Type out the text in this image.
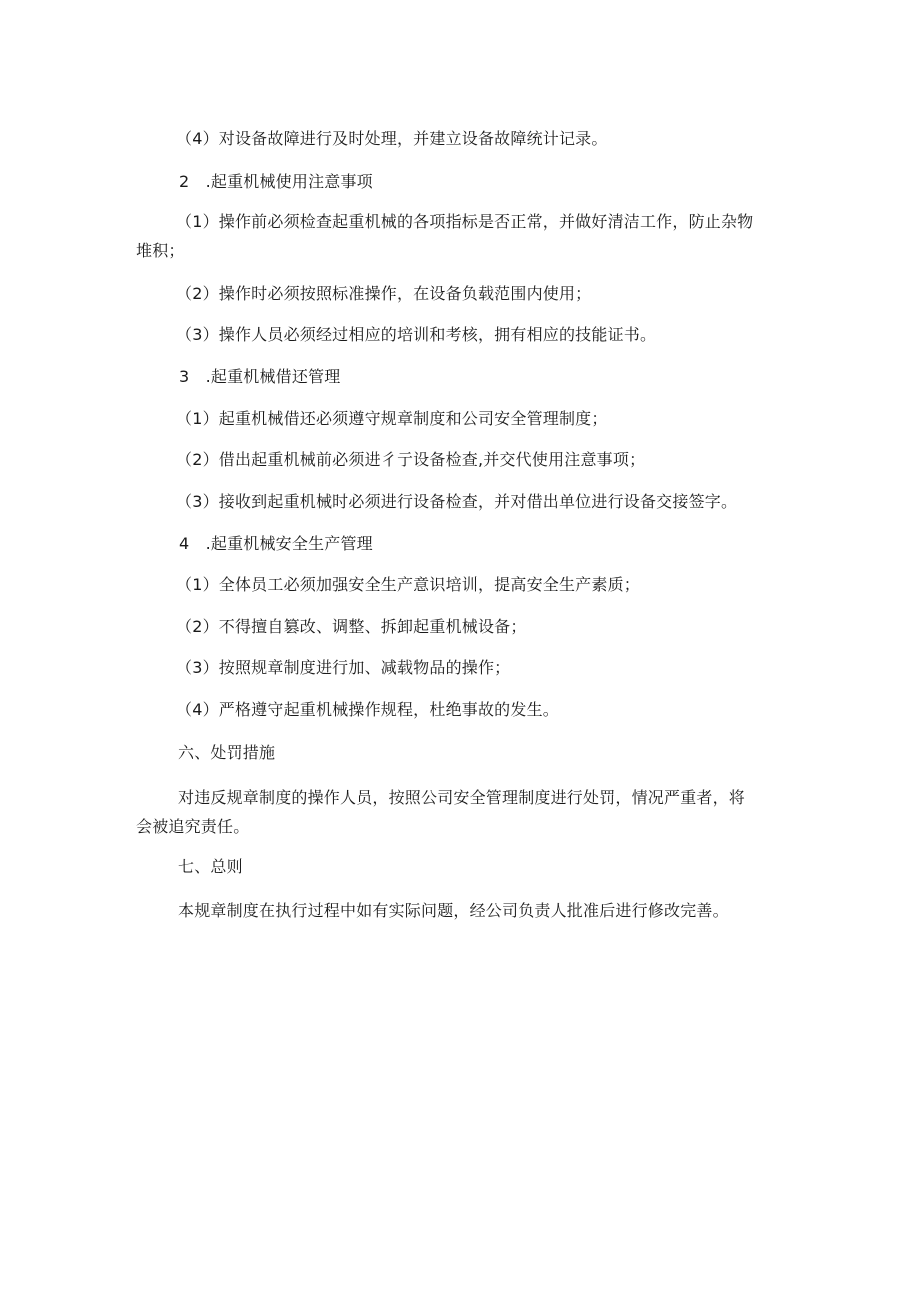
（4）对设备故障进行及时处理，并建立设备故障统计记录。
2　.起重机械使用注意事项
（1）操作前必须检查起重机械的各项指标是否正常，并做好清洁工作，防止杂物
堆积；
（2）操作时必须按照标准操作，在设备负载范围内使用；
（3）操作人员必须经过相应的培训和考核，拥有相应的技能证书。
3　.起重机械借还管理
（1）起重机械借还必须遵守规章制度和公司安全管理制度；
（2）借出起重机械前必须进彳亍设备检查,并交代使用注意事项；
（3）接收到起重机械时必须进行设备检查，并对借出单位进行设备交接签字。
4　.起重机械安全生产管理
（1）全体员工必须加强安全生产意识培训，提高安全生产素质；
（2）不得擅自篡改、调整、拆卸起重机械设备；
（3）按照规章制度进行加、减载物品的操作；
（4）严格遵守起重机械操作规程，杜绝事故的发生。
六、处罚措施
对违反规章制度的操作人员，按照公司安全管理制度进行处罚，情况严重者，将
会被追究责任。
七、总则
本规章制度在执行过程中如有实际问题，经公司负责人批准后进行修改完善。
